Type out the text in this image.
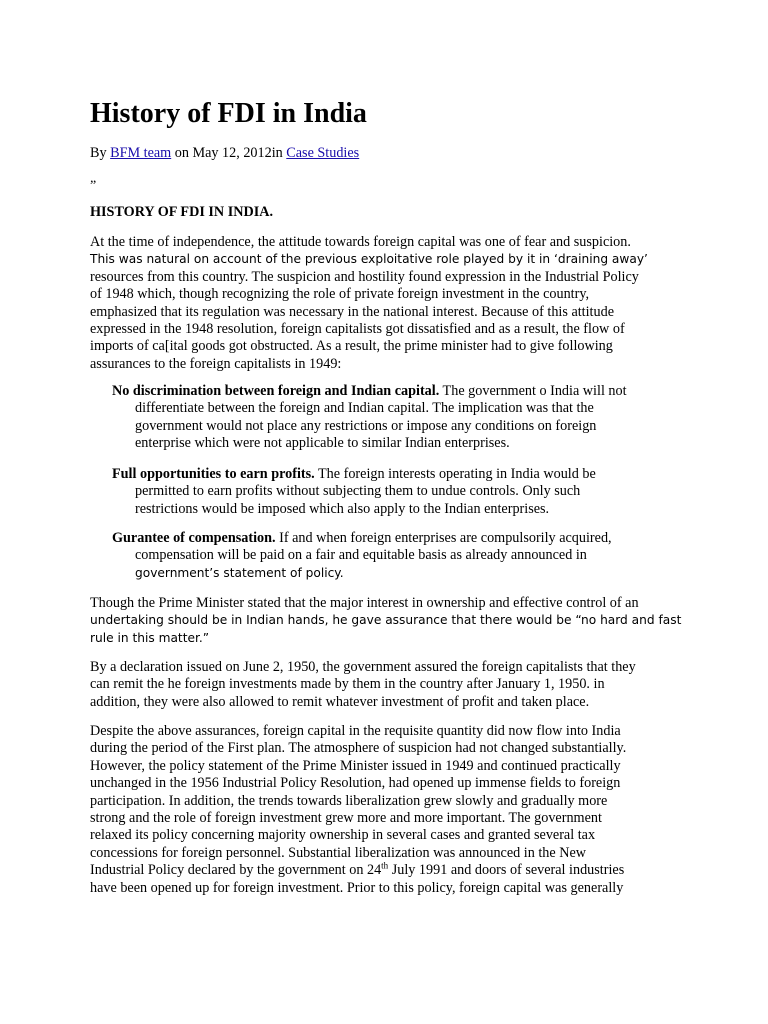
History of FDI in India
By BFM team on May 12, 2012in Case Studies
„
HISTORY OF FDI IN INDIA.
At the time of independence, the attitude towards foreign capital was one of fear and suspicion.
This was natural on account of the previous exploitative role played by it in ‘draining away’
resources from this country. The suspicion and hostility found expression in the Industrial Policy
of 1948 which, though recognizing the role of private foreign investment in the country,
emphasized that its regulation was necessary in the national interest. Because of this attitude
expressed in the 1948 resolution, foreign capitalists got dissatisfied and as a result, the flow of
imports of ca[ital goods got obstructed. As a result, the prime minister had to give following
assurances to the foreign capitalists in 1949:
No discrimination between foreign and Indian capital. The government o India will not
differentiate between the foreign and Indian capital. The implication was that the
government would not place any restrictions or impose any conditions on foreign
enterprise which were not applicable to similar Indian enterprises.
Full opportunities to earn profits. The foreign interests operating in India would be
permitted to earn profits without subjecting them to undue controls. Only such
restrictions would be imposed which also apply to the Indian enterprises.
Gurantee of compensation. If and when foreign enterprises are compulsorily acquired,
compensation will be paid on a fair and equitable basis as already announced in
government’s statement of policy.
Though the Prime Minister stated that the major interest in ownership and effective control of an
undertaking should be in Indian hands, he gave assurance that there would be “no hard and fast
rule in this matter.”
By a declaration issued on June 2, 1950, the government assured the foreign capitalists that they
can remit the he foreign investments made by them in the country after January 1, 1950. in
addition, they were also allowed to remit whatever investment of profit and taken place.
Despite the above assurances, foreign capital in the requisite quantity did now flow into India
during the period of the First plan. The atmosphere of suspicion had not changed substantially.
However, the policy statement of the Prime Minister issued in 1949 and continued practically
unchanged in the 1956 Industrial Policy Resolution, had opened up immense fields to foreign
participation. In addition, the trends towards liberalization grew slowly and gradually more
strong and the role of foreign investment grew more and more important. The government
relaxed its policy concerning majority ownership in several cases and granted several tax
concessions for foreign personnel. Substantial liberalization was announced in the New
Industrial Policy declared by the government on 24th July 1991 and doors of several industries
have been opened up for foreign investment. Prior to this policy, foreign capital was generally
